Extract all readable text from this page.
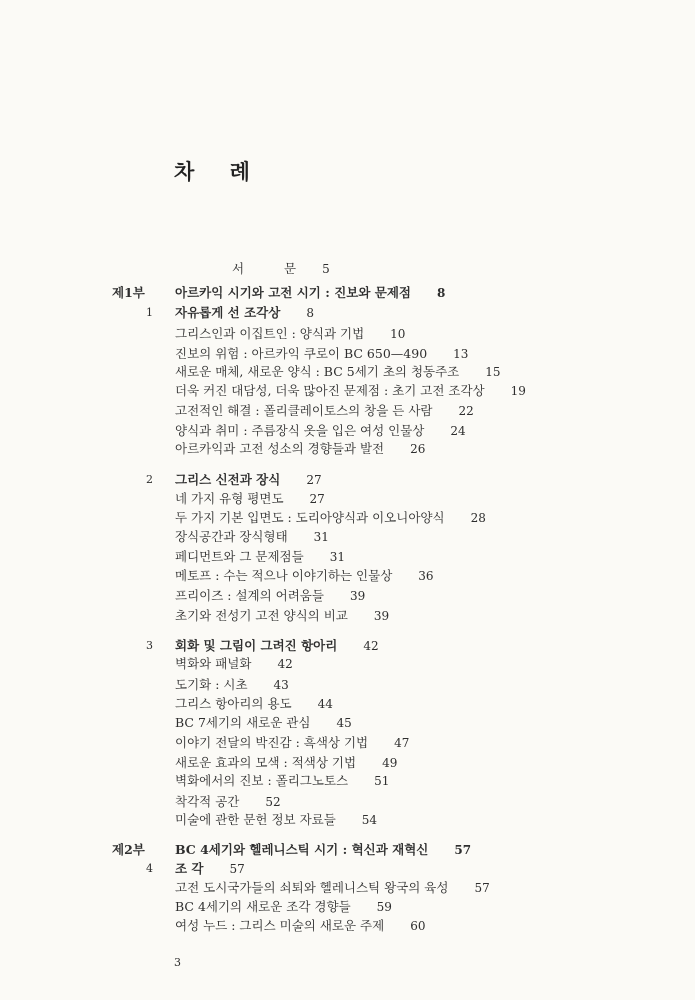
차 례
서 문 5
제1부 아르카익 시기와 고전 시기 : 진보와 문제점 8
1 자유롭게 선 조각상 8
그리스인과 이집트인 : 양식과 기법 10
진보의 위험 : 아르카익 쿠로이 BC 650—490 13
새로운 매체, 새로운 양식 : BC 5세기 초의 청동주조 15
더욱 커진 대담성, 더욱 많아진 문제점 : 초기 고전 조각상 19
고전적인 해결 : 폴리클레이토스의 창을 든 사람 22
양식과 취미 : 주름장식 옷을 입은 여성 인물상 24
아르카익과 고전 성소의 경향들과 발전 26
2 그리스 신전과 장식 27
네 가지 유형 평면도 27
두 가지 기본 입면도 : 도리아양식과 이오니아양식 28
장식공간과 장식형태 31
페디먼트와 그 문제점들 31
메토프 : 수는 적으나 이야기하는 인물상 36
프리이즈 : 설계의 어려움들 39
초기와 전성기 고전 양식의 비교 39
3 회화 및 그림이 그려진 항아리 42
벽화와 패널화 42
도기화 : 시초 43
그리스 항아리의 용도 44
BC 7세기의 새로운 관심 45
이야기 전달의 박진감 : 흑색상 기법 47
새로운 효과의 모색 : 적색상 기법 49
벽화에서의 진보 : 폴리그노토스 51
착각적 공간 52
미술에 관한 문헌 정보 자료들 54
제2부 BC 4세기와 헬레니스틱 시기 : 혁신과 재혁신 57
4 조 각 57
고전 도시국가들의 쇠퇴와 헬레니스틱 왕국의 육성 57
BC 4세기의 새로운 조각 경향들 59
여성 누드 : 그리스 미술의 새로운 주제 60
3
